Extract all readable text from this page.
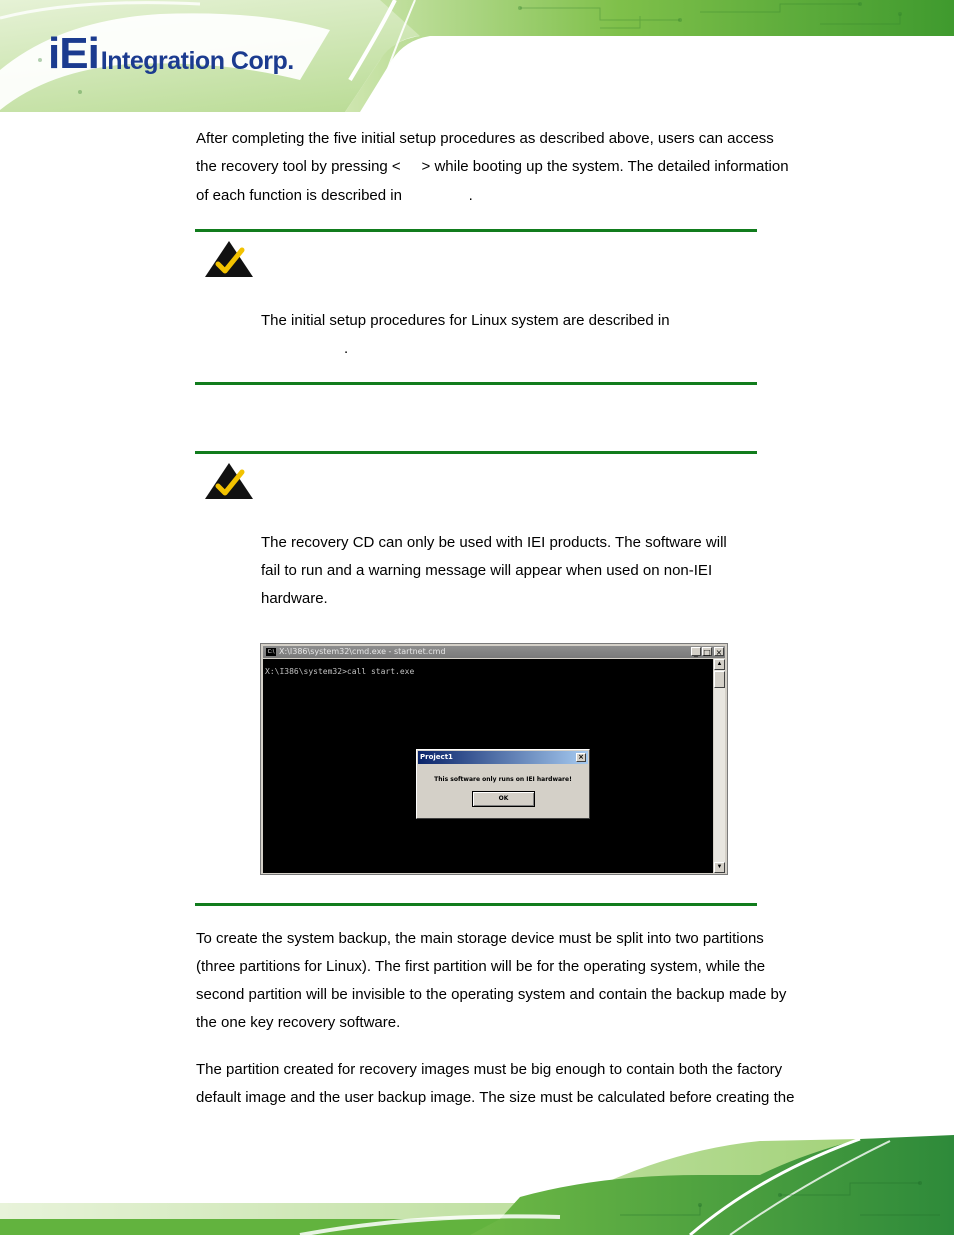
iEi Integration Corp.

After completing the five initial setup procedures as described above, users can access
the recovery tool by pressing <     > while booting up the system. The detailed information
of each function is described in                .

The initial setup procedures for Linux system are described in
.

The recovery CD can only be used with IEI products. The software will
fail to run and a warning message will appear when used on non-IEI
hardware.

C:\ X:\I386\system32\cmd.exe - startnet.cmd	_ □ ×
X:\I386\system32>call start.exe
Project1	×
This software only runs on IEI hardware!
OK
▲
▼

To create the system backup, the main storage device must be split into two partitions
(three partitions for Linux). The first partition will be for the operating system, while the
second partition will be invisible to the operating system and contain the backup made by
the one key recovery software.

The partition created for recovery images must be big enough to contain both the factory
default image and the user backup image. The size must be calculated before creating the
